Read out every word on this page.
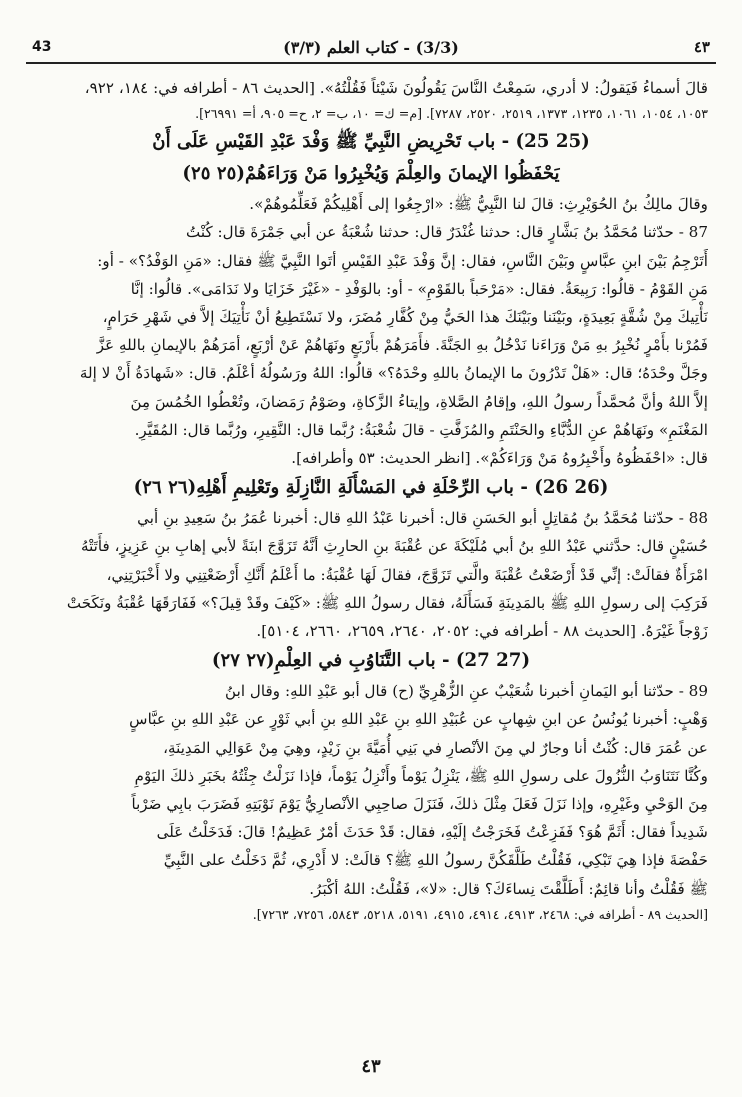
43	(3/3) - كتاب العلم (٣/٣)	٤٣

قالَ أسماءُ فَيَقولُ: لا أدري، سَمِعْتُ النَّاسَ يَقُولُونَ شَيْئاً فَقُلْتُهُ». [الحديث ٨٦ - أطرافه في: ١٨٤، ٩٢٢،

١٠٥٣، ١٠٥٤، ١٠٦١، ١٢٣٥، ١٣٧٣، ٢٥١٩، ٢٥٢٠، ٧٢٨٧]. [م= ك= ١٠، ب= ٢، ح= ٩٠٥، أ= ٢٦٩٩١].

(25 25) - باب تَحْرِيضِ النَّبِيِّ ﷺ وَفْدَ عَبْدِ القَيْسِ عَلَى أَنْ

يَحْفَظُوا الإيمانَ والعِلْمَ وَيُخْبِرُوا مَنْ وَرَاءَهُمْ(٢٥ ٢٥)

وقالَ مالِكُ بنُ الحُوَيْرِثِ: قالَ لنا النَّبِيُّ ﷺ: «ارْجِعُوا إلى أَهْلِيكُمْ فَعَلِّمُوهُمْ».

87 - حدّثنا مُحَمَّدُ بنُ بَشَّارٍ قال: حدثنا غُنْدَرٌ قال: حدثنا شُعْبَةُ عن أبي جَمْرَةَ قال: كُنْتُ

أَتَرْجِمُ بَيْنَ ابنِ عبَّاسٍ وبَيْنَ النَّاسِ، فقال: إنَّ وَفْدَ عَبْدِ القَيْسِ أتَوا النَّبِيَّ ﷺ فقال: «مَنِ الوَفْدُ؟» - أو:

مَنِ القَوْمُ - قالُوا: رَبِيعَةُ. فقال: «مَرْحَباً بالقَوْمِ» - أو: بالوَفْدِ - «غَيْرَ خَزَايَا ولا نَدَامَى». قالُوا: إنَّا

نَأْتِيكَ مِنْ شُقَّةٍ بَعِيدَةٍ، وبَيْنَنا وبَيْنَكَ هذا الحَيُّ مِنْ كُفَّارِ مُضَرَ، ولا نَسْتَطِيعُ أنْ نَأْتِيَكَ إلاَّ في شَهْرِ حَرَامٍ،

فَمُرْنا بأَمْرٍ نُخْبِرُ بهِ مَنْ وَرَاءَنا نَدْخُلُ بهِ الجَنَّةَ. فأَمَرَهُمْ بأَرْبَعٍ ونَهَاهُمْ عَنْ أرْبَعٍ، أمَرَهُمْ بالإيمانِ باللهِ عَزَّ

وجَلَّ وحْدَهُ؛ قال: «هَلْ تَدْرُونَ ما الإيمانُ باللهِ وحْدَهُ؟» قالُوا: اللهُ ورَسُولُهُ أعْلَمُ. قال: «شَهادَةُ أَنْ لا إلهَ

إلاَّ اللهُ وأنَّ مُحمَّداً رسولُ اللهِ، وإقامُ الصَّلاةِ، وإيتاءُ الزَّكاةِ، وصَوْمُ رَمَضانَ، وتُعْطُوا الخُمُسَ مِنَ

المَغْنَمِ» ونَهَاهُمْ عنِ الدُّبَّاءِ والحَنْتَمِ والمُزَفَّتِ - قالَ شُعْبَةُ: رُبَّما قال: النَّقِيرِ، ورُبَّما قال: المُقَيَّرِ.

قال: «احْفَظُوهُ وأَخْبِرُوهُ مَنْ وَرَاءَكُمْ». [انظر الحديث: ٥٣ وأطرافه].

(26 26) - باب الرِّحْلَةِ في المَسْأَلَةِ النَّازِلَةِ وتَعْلِيمِ أَهْلِهِ(٢٦ ٢٦)

88 - حدّثنا مُحَمَّدُ بنُ مُقاتِلٍ أبو الحَسَنِ قال: أخبرنا عَبْدُ اللهِ قال: أخبرنا عُمَرُ بنُ سَعِيدِ بنِ أبي

حُسَيْنٍ قال: حدَّثني عَبْدُ اللهِ بنُ أبي مُلَيْكَةَ عن عُقْبَةَ بنِ الحارِثِ أنَّهُ تَزَوَّجَ ابنَةً لأبي إهابِ بنِ عَزِيزٍ، فأَتَتْهُ

امْرَأَةٌ فقالَتْ: إنِّي قَدْ أَرْضَعْتُ عُقْبَةَ والَّتي تَزَوَّجَ، فقالَ لَهَا عُقْبَةُ: ما أَعْلَمُ أَنَّكِ أَرْضَعْتِنِي ولا أَخْبَرْتِنِي،

فَرَكِبَ إلى رسولِ اللهِ ﷺ بالمَدِينَةِ فَسَأَلَهُ، فقال رسولُ اللهِ ﷺ: «كَيْفَ وقَدْ قِيلَ؟» فَفَارَقَهَا عُقْبَةُ ونَكَحَتْ

زَوْجاً غَيْرَهُ. [الحديث ٨٨ - أطرافه في: ٢٠٥٢، ٢٦٤٠، ٢٦٥٩، ٢٦٦٠، ٥١٠٤].

(27 27) - باب التَّنَاوُبِ في العِلْمِ(٢٧ ٢٧)

89 - حدّثنا أبو اليَمانِ أخبرنا شُعَيْبٌ عنِ الزُّهْرِيِّ (ح) قال أبو عَبْدِ اللهِ: وقال ابنُ

وَهْبٍ: أخبرنا يُونُسُ عن ابنِ شِهابٍ عن عُبَيْدِ اللهِ بنِ عَبْدِ اللهِ بنِ أبي ثَوْرٍ عن عَبْدِ اللهِ بنِ عبَّاسٍ

عن عُمَرَ قال: كُنْتُ أنا وجارٌ لي مِنَ الأنْصارِ في بَنِي أُمَيَّةَ بنِ زَيْدٍ، وهِيَ مِنْ عَوَالِي المَدِينَةِ،

وكُنَّا نَتَنَاوَبُ النُّزُولَ على رسولِ اللهِ ﷺ، يَنْزِلُ يَوْماً وأَنْزِلُ يَوْماً، فإذا نَزَلْتُ جِئْتُهُ بخَبَرِ ذلكَ اليَوْمِ

مِنَ الوَحْيِ وغَيْرِهِ، وإذا نَزَلَ فَعَلَ مِثْلَ ذلكَ، فَنَزَلَ صاحِبِي الأنْصارِيُّ يَوْمَ نَوْبَتِهِ فَضَرَبَ بابِي ضَرْباً

شَدِيداً فقال: أَثَمَّ هُوَ؟ فَفَزِعْتُ فَخَرَجْتُ إلَيْهِ، فقال: قَدْ حَدَثَ أمْرٌ عَظِيمٌ! قالَ: فَدَخَلْتُ عَلَى

حَفْصَةَ فإذا هِيَ تَبْكِي، فَقُلْتُ طَلَّقَكُنَّ رسولُ اللهِ ﷺ؟ قالَتْ: لا أَدْرِي، ثُمَّ دَخَلْتُ على النَّبِيِّ

ﷺ فَقُلْتُ وأنا قائِمٌ: أَطَلَّقْتَ نِساءَكَ؟ قال: «لا»، فَقُلْتُ: اللهُ أكْبَرُ.

[الحديث ٨٩ - أطرافه في: ٢٤٦٨، ٤٩١٣، ٤٩١٤، ٤٩١٥، ٥١٩١، ٥٢١٨، ٥٨٤٣، ٧٢٥٦، ٧٢٦٣].

٤٣
